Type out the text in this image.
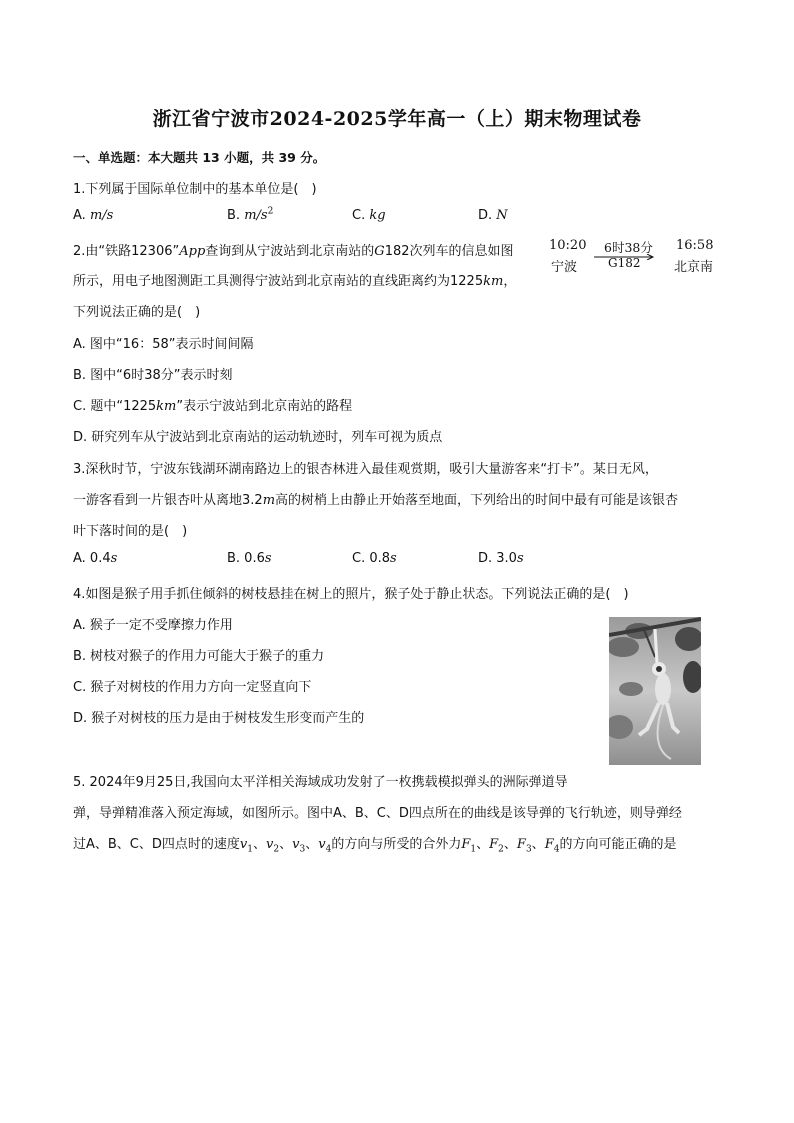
浙江省宁波市2024-2025学年高一（上）期末物理试卷
一、单选题：本大题共 13 小题，共 39 分。
1.下列属于国际单位制中的基本单位是(　)
A. m/s	B. $m/s^2$	C. kg	D. N
2.由“铁路12306”App查询到从宁波站到北京南站的G182次列车的信息如图	10:20
宁波
6时38分
G182
16:58
北京南
所示，用电子地图测距工具测得宁波站到北京南站的直线距离约为1225km，
下列说法正确的是(　)
A. 图中“16：58”表示时间间隔
B. 图中“6时38分”表示时刻
C. 题中“1225km”表示宁波站到北京南站的路程
D. 研究列车从宁波站到北京南站的运动轨迹时，列车可视为质点
3.深秋时节，宁波东钱湖环湖南路边上的银杏林进入最佳观赏期，吸引大量游客来“打卡”。某日无风，
一游客看到一片银杏叶从离地3.2m高的树梢上由静止开始落至地面，下列给出的时间中最有可能是该银杏
叶下落时间的是(　)
A. 0.4s	B. 0.6s	C. 0.8s	D. 3.0s
4.如图是猴子用手抓住倾斜的树枝悬挂在树上的照片，猴子处于静止状态。下列说法正确的是(　)
A. 猴子一定不受摩擦力作用
B. 树枝对猴子的作用力可能大于猴子的重力
C. 猴子对树枝的作用力方向一定竖直向下
D. 猴子对树枝的压力是由于树枝发生形变而产生的
5. 2024年9月25日,我国向太平洋相关海域成功发射了一枚携载模拟弹头的洲际弹道导
弹，导弹精准落入预定海域，如图所示。图中A、B、C、D四点所在的曲线是该导弹的飞行轨迹，则导弹经
过A、B、C、D四点时的速度$v_1$、$v_2$、$v_3$、$v_4$的方向与所受的合外力$F_1$、$F_2$、$F_3$、$F_4$的方向可能正确的是
